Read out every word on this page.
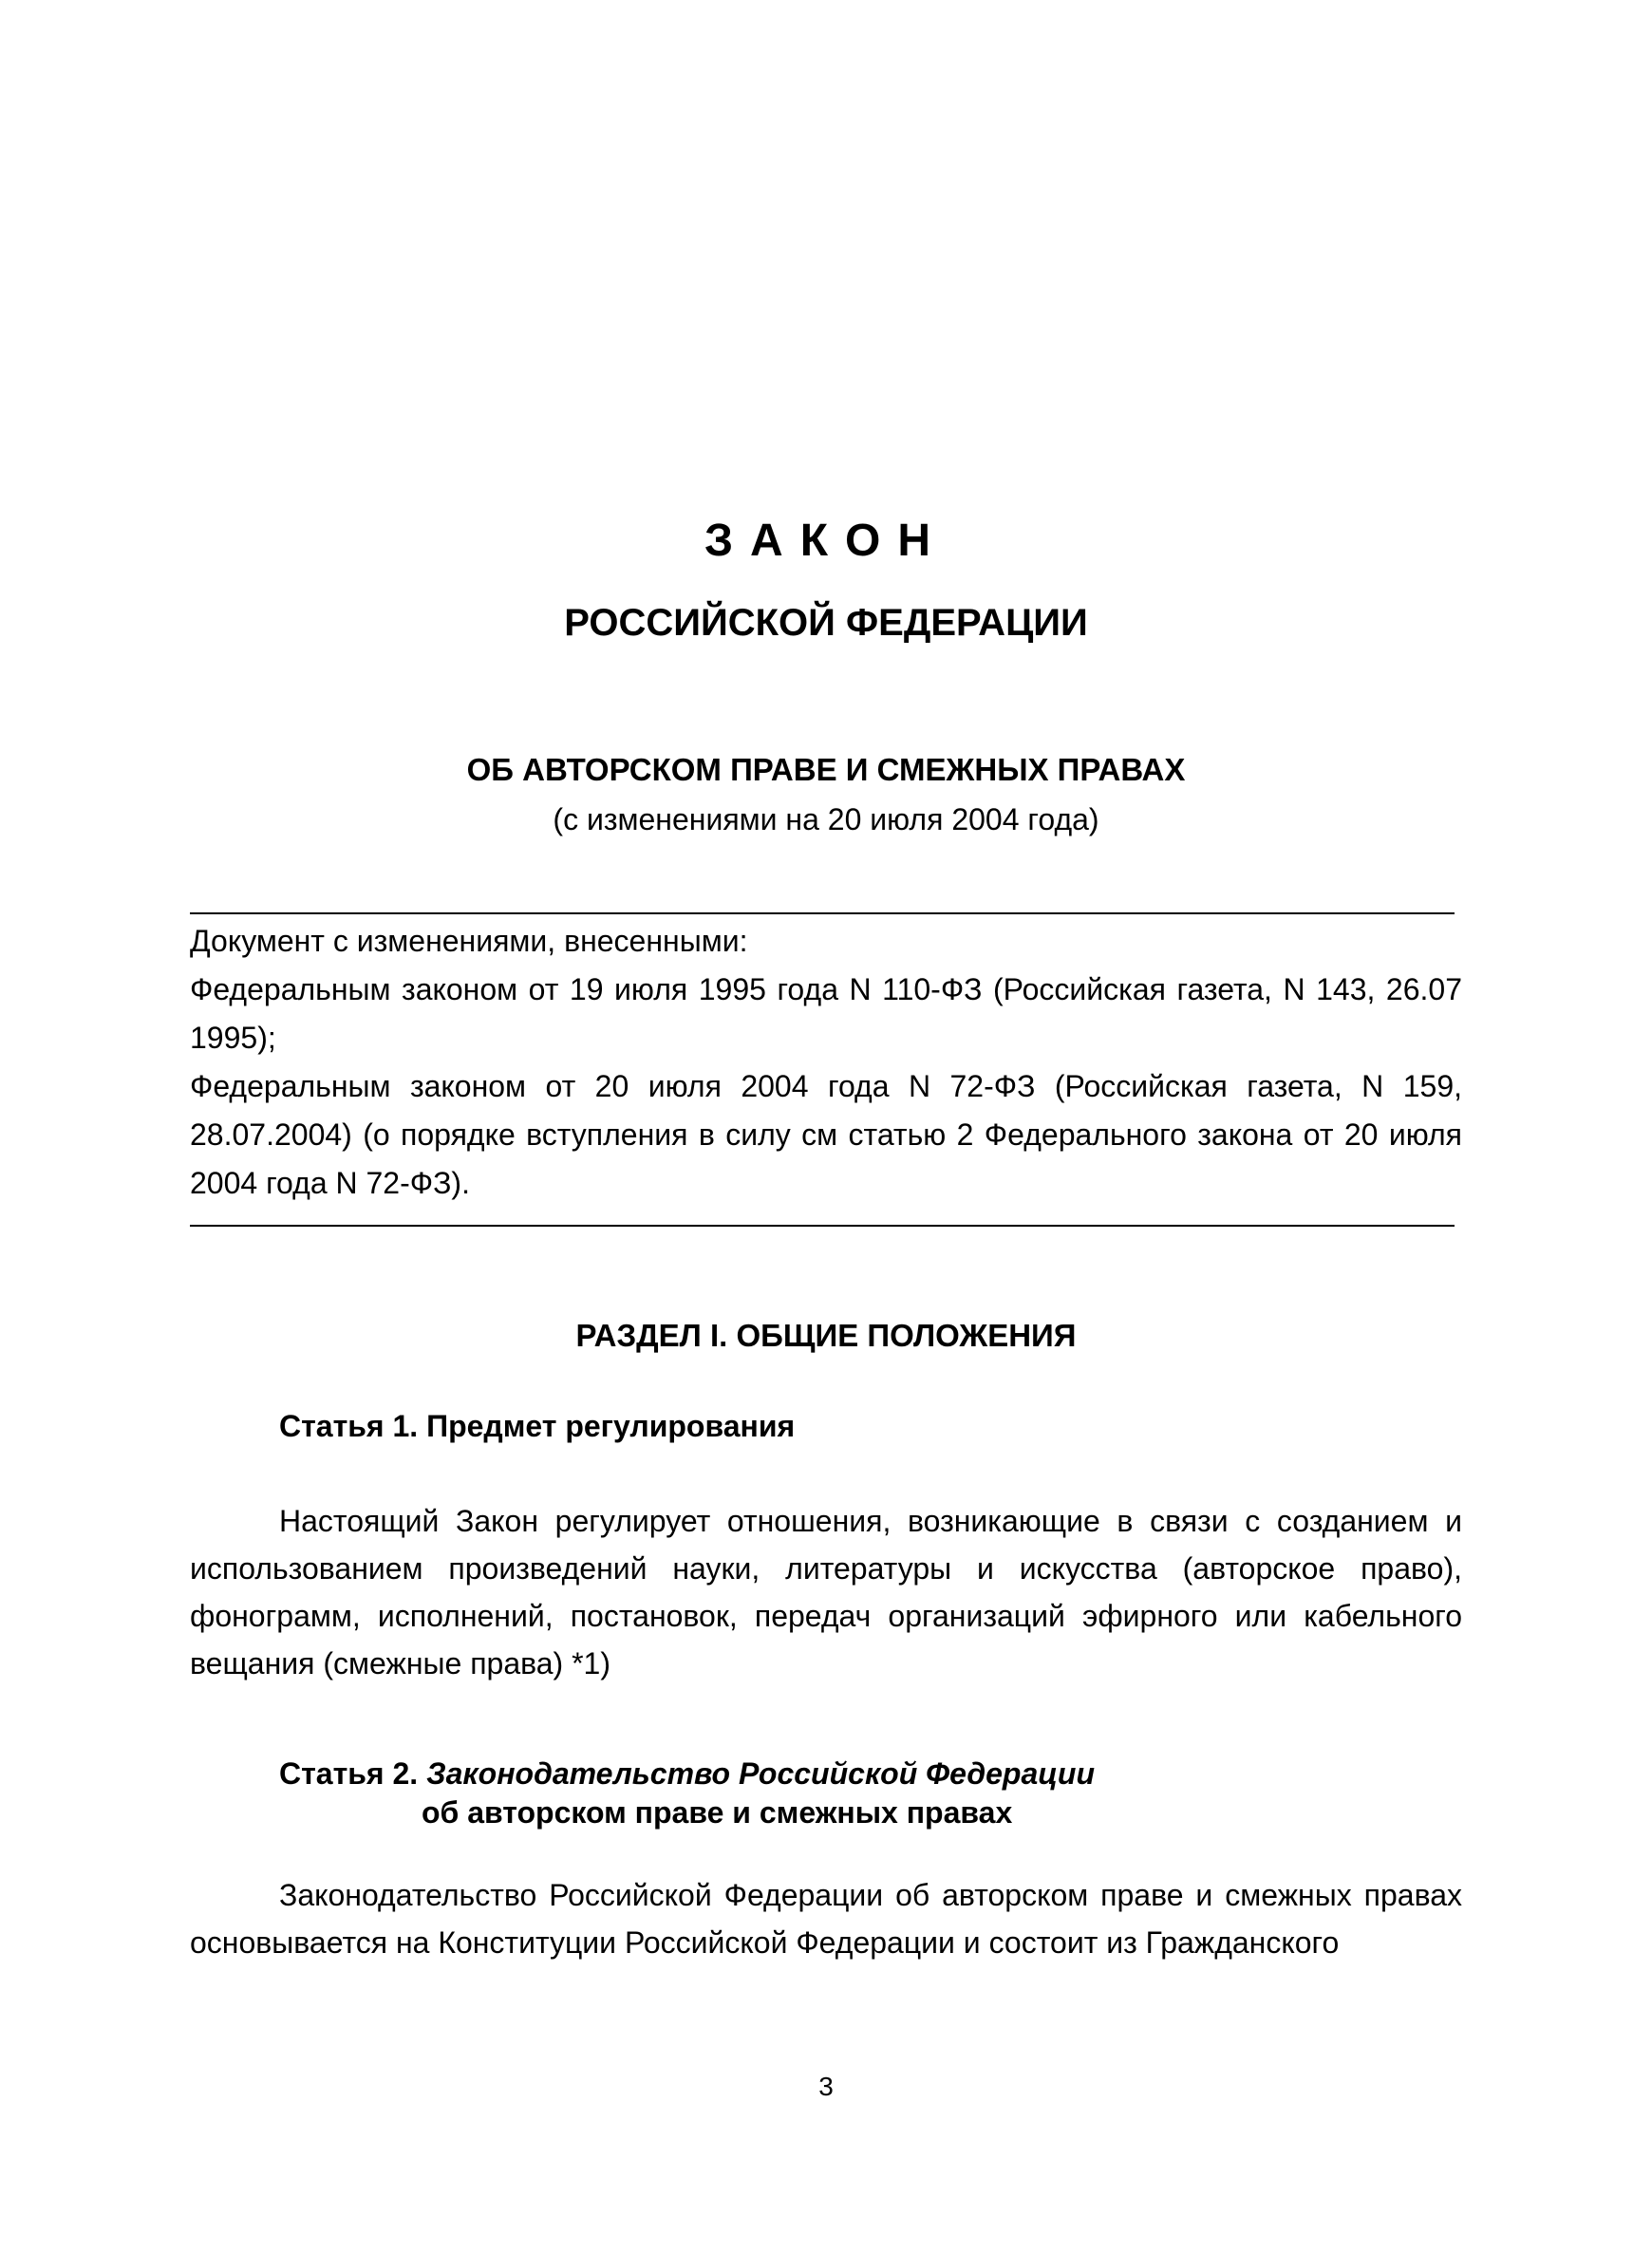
ЗАКОН
РОССИЙСКОЙ ФЕДЕРАЦИИ
ОБ АВТОРСКОМ ПРАВЕ И СМЕЖНЫХ ПРАВАХ
(с изменениями на 20 июля 2004 года)

Документ с изменениями, внесенными:

Федеральным законом от 19 июля 1995 года N 110-ФЗ (Российская газета, N 143, 26.07 1995);

Федеральным законом от 20 июля 2004 года N 72-ФЗ (Российская газета, N 159, 28.07.2004) (о порядке вступления в силу см статью 2 Федерального закона от 20 июля 2004 года N 72-ФЗ).

РАЗДЕЛ I. ОБЩИЕ ПОЛОЖЕНИЯ
Статья 1. Предмет регулирования

Настоящий Закон регулирует отношения, возникающие в связи с созданием и использованием произведений науки, литературы и искусства (авторское право), фонограмм, исполнений, постановок, передач организаций эфирного или кабельного вещания (смежные права) *1)

Статья 2. Законодательство Российской Федерации
об авторском праве и смежных правах

Законодательство Российской Федерации об авторском праве и смежных правах основывается на Конституции Российской Федерации и состоит из Гражданского

3
